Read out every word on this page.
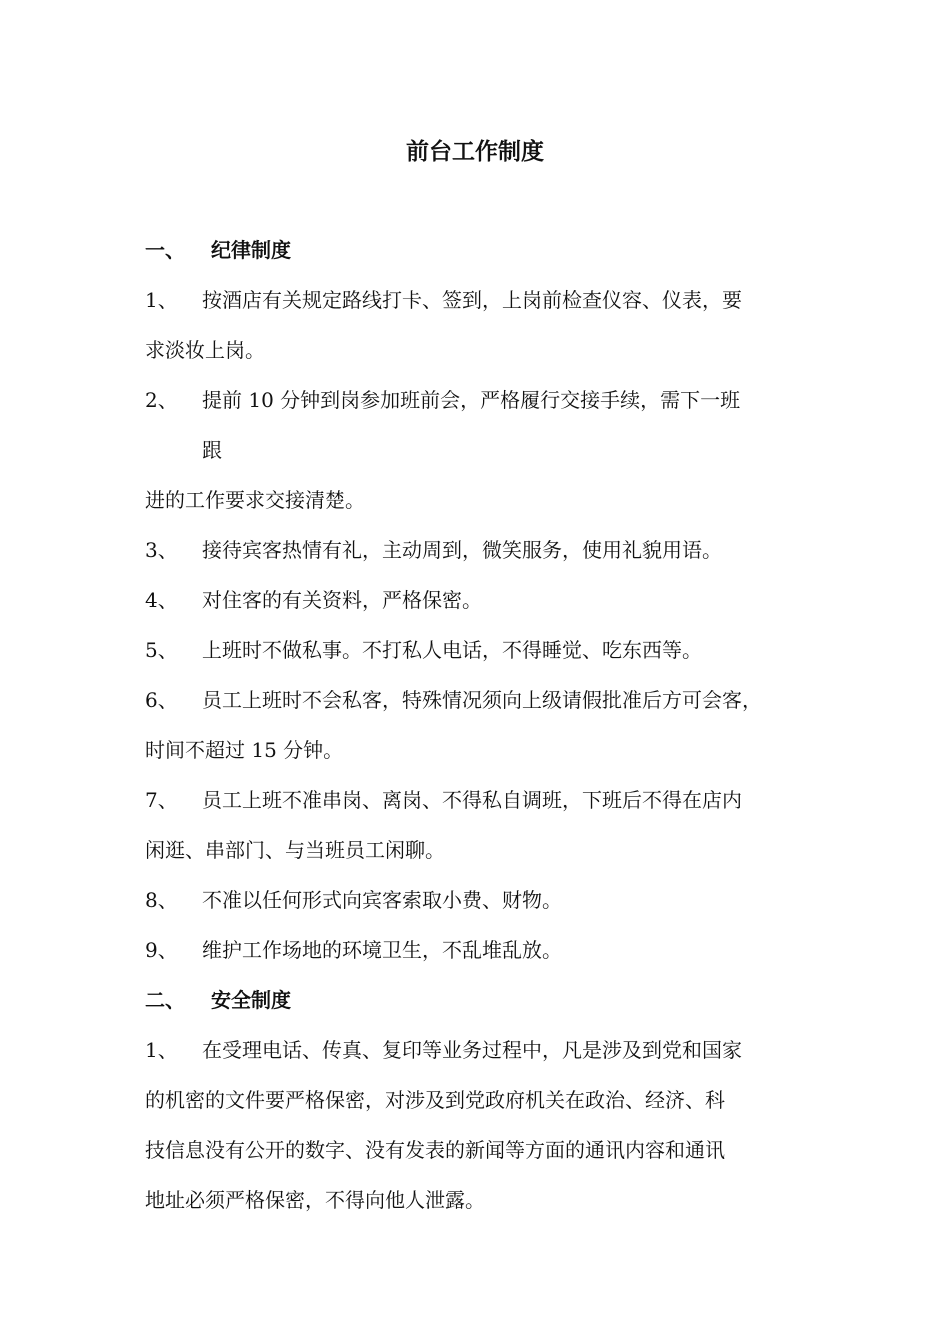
前台工作制度
一、 纪律制度
1、 按酒店有关规定路线打卡、签到，上岗前检查仪容、仪表，要
求淡妆上岗。
2、 提前 10 分钟到岗参加班前会，严格履行交接手续，需下一班
跟
进的工作要求交接清楚。
3、 接待宾客热情有礼，主动周到，微笑服务，使用礼貌用语。
4、 对住客的有关资料，严格保密。
5、 上班时不做私事。不打私人电话，不得睡觉、吃东西等。
6、 员工上班时不会私客，特殊情况须向上级请假批准后方可会客，
时间不超过 15 分钟。
7、 员工上班不准串岗、离岗、不得私自调班，下班后不得在店内
闲逛、串部门、与当班员工闲聊。
8、 不准以任何形式向宾客索取小费、财物。
9、 维护工作场地的环境卫生，不乱堆乱放。
二、 安全制度
1、 在受理电话、传真、复印等业务过程中，凡是涉及到党和国家
的机密的文件要严格保密，对涉及到党政府机关在政治、经济、科
技信息没有公开的数字、没有发表的新闻等方面的通讯内容和通讯
地址必须严格保密，不得向他人泄露。
